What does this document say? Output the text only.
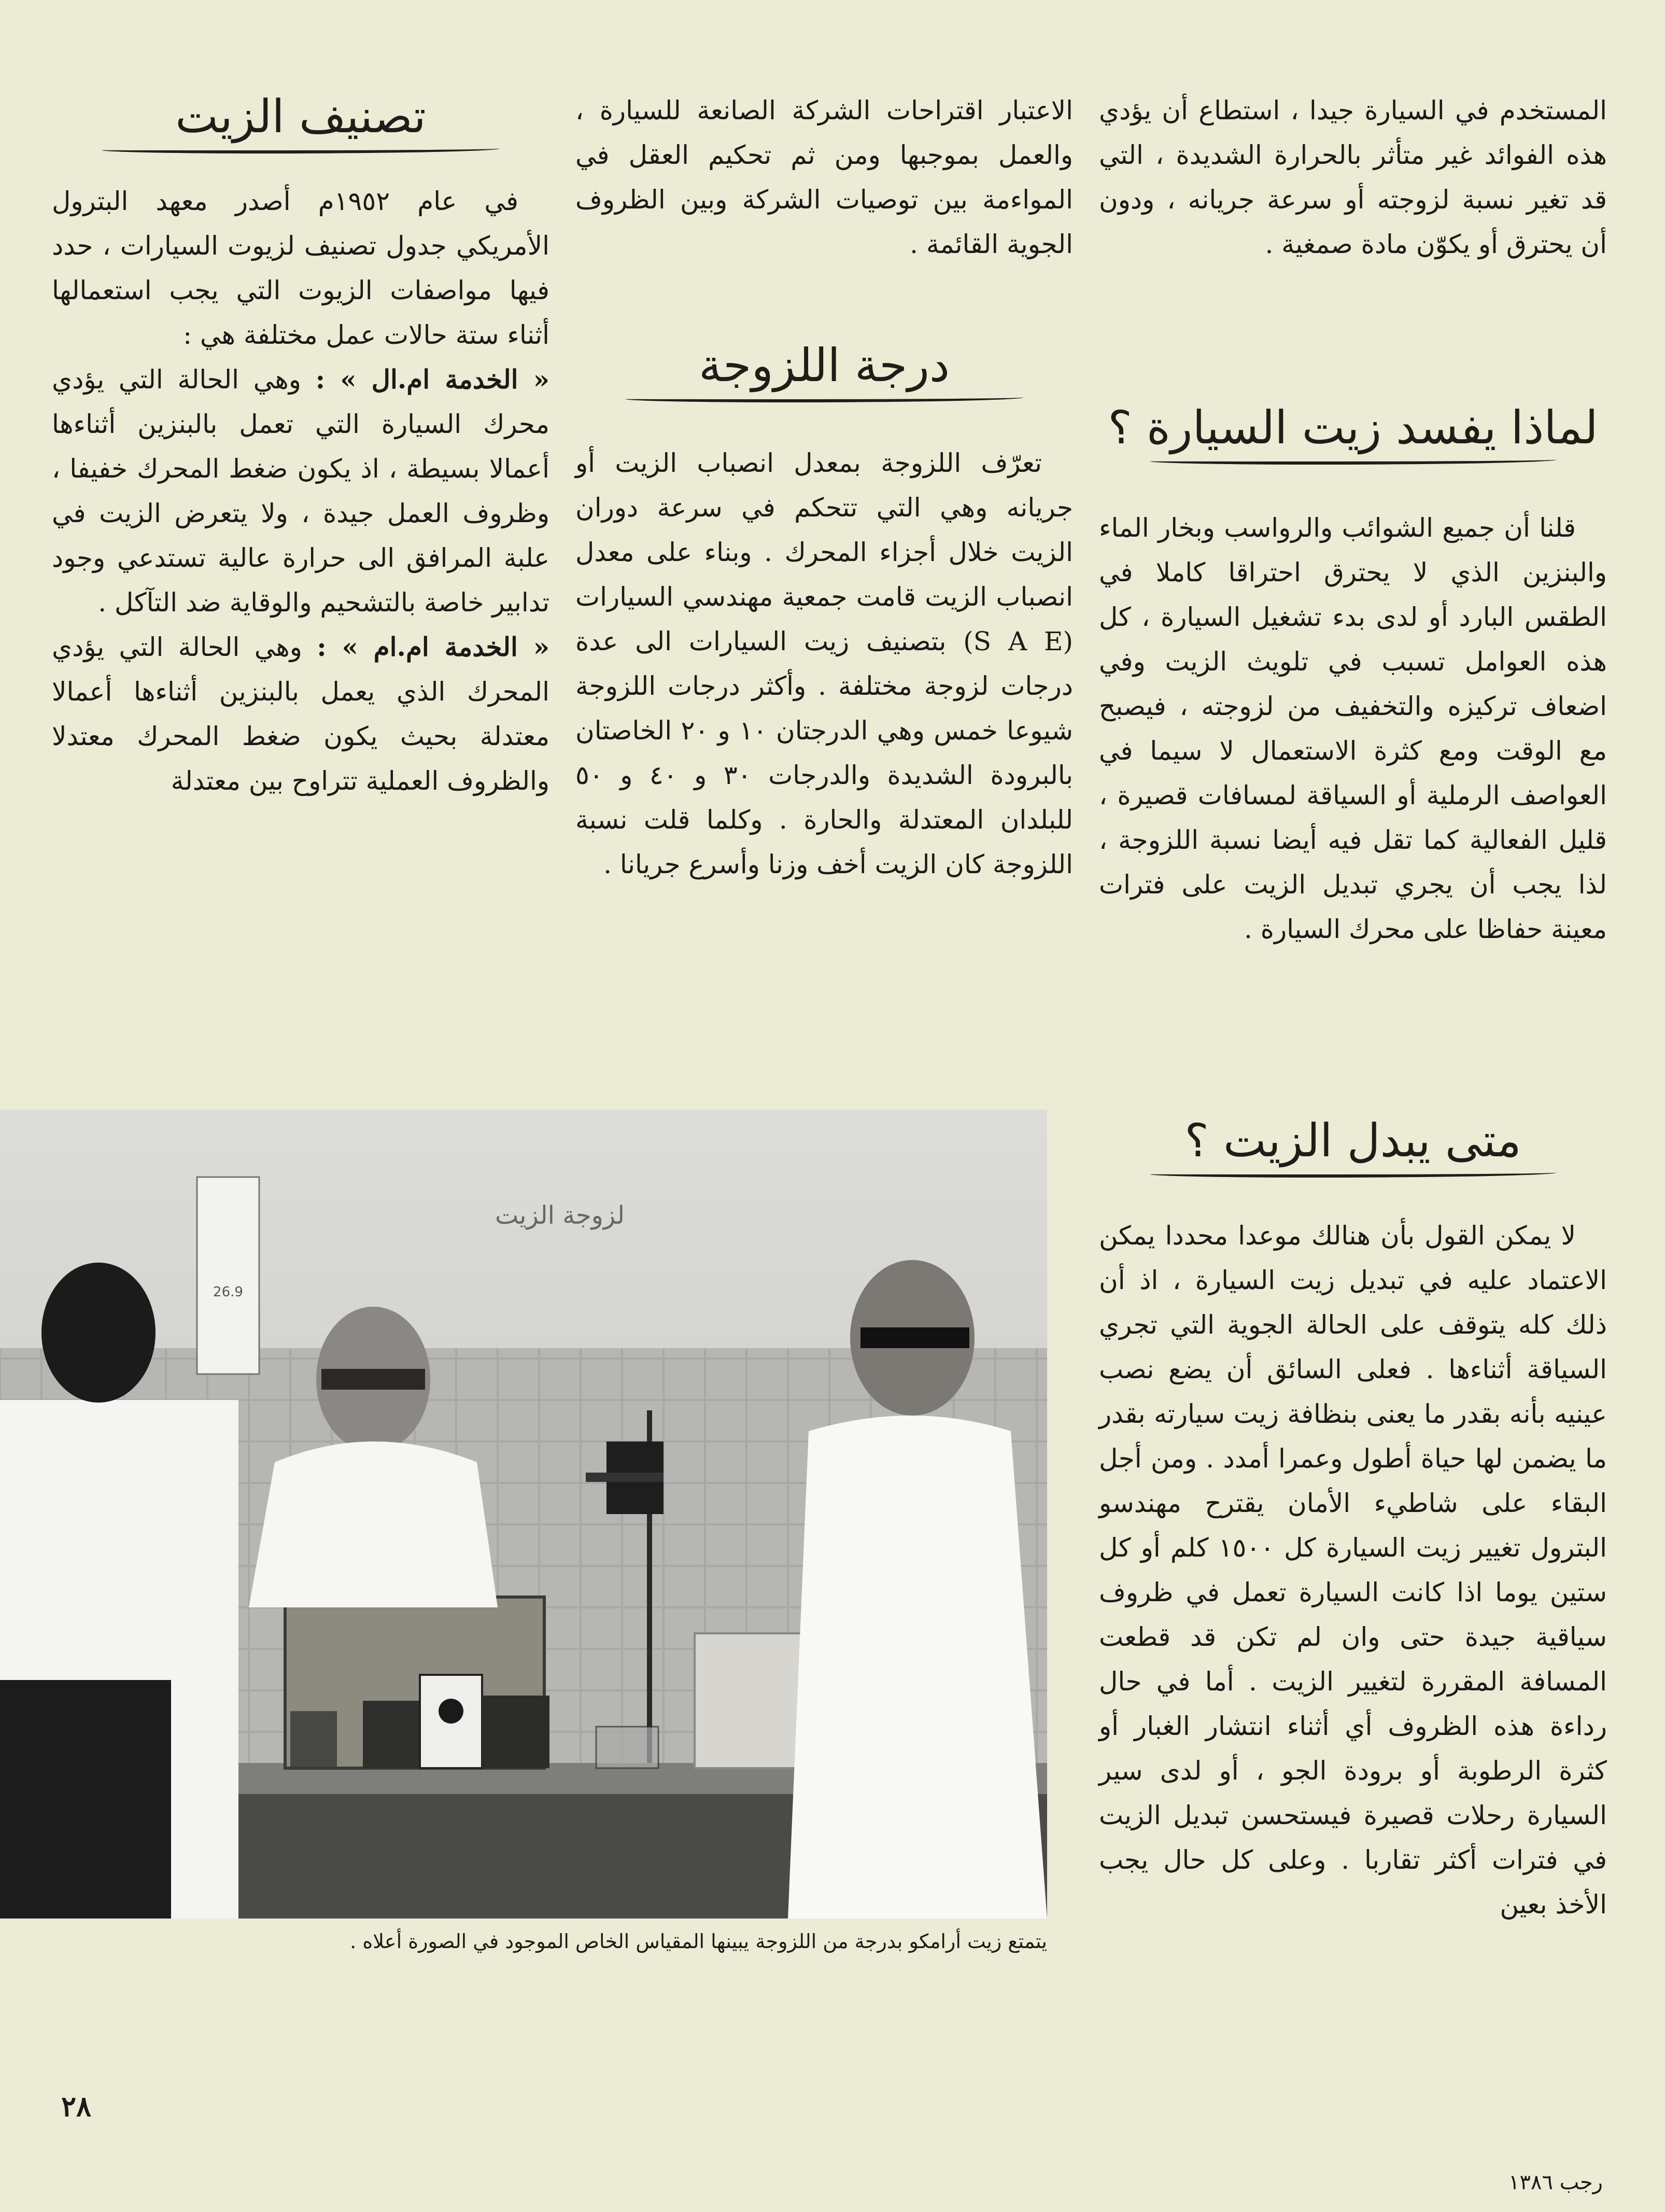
المستخدم في السيارة جيدا ، استطاع أن يؤدي هذه الفوائد غير متأثر بالحرارة الشديدة ، التي قد تغير نسبة لزوجته أو سرعة جريانه ، ودون أن يحترق أو يكوّن مادة صمغية .

لماذا يفسد زيت السيارة ؟

قلنا أن جميع الشوائب والرواسب وبخار الماء والبنزين الذي لا يحترق احتراقا كاملا في الطقس البارد أو لدى بدء تشغيل السيارة ، كل هذه العوامل تسبب في تلويث الزيت وفي اضعاف تركيزه والتخفيف من لزوجته ، فيصبح مع الوقت ومع كثرة الاستعمال لا سيما في العواصف الرملية أو السياقة لمسافات قصيرة ، قليل الفعالية كما تقل فيه أيضا نسبة اللزوجة ، لذا يجب أن يجري تبديل الزيت على فترات معينة حفاظا على محرك السيارة .

متى يبدل الزيت ؟

لا يمكن القول بأن هنالك موعدا محددا يمكن الاعتماد عليه في تبديل زيت السيارة ، اذ أن ذلك كله يتوقف على الحالة الجوية التي تجري السياقة أثناءها . فعلى السائق أن يضع نصب عينيه بأنه بقدر ما يعنى بنظافة زيت سيارته بقدر ما يضمن لها حياة أطول وعمرا أمدد . ومن أجل البقاء على شاطيء الأمان يقترح مهندسو البترول تغيير زيت السيارة كل ١٥٠٠ كلم أو كل ستين يوما اذا كانت السيارة تعمل في ظروف سياقية جيدة حتى وان لم تكن قد قطعت المسافة المقررة لتغيير الزيت . أما في حال رداءة هذه الظروف أي أثناء انتشار الغبار أو كثرة الرطوبة أو برودة الجو ، أو لدى سير السيارة رحلات قصيرة فيستحسن تبديل الزيت في فترات أكثر تقاربا . وعلى كل حال يجب الأخذ بعين

الاعتبار اقتراحات الشركة الصانعة للسيارة ، والعمل بموجبها ومن ثم تحكيم العقل في المواءمة بين توصيات الشركة وبين الظروف الجوية القائمة .

درجة اللزوجة

تعرّف اللزوجة بمعدل انصباب الزيت أو جريانه وهي التي تتحكم في سرعة دوران الزيت خلال أجزاء المحرك . وبناء على معدل انصباب الزيت قامت جمعية مهندسي السيارات (S A E) بتصنيف زيت السيارات الى عدة درجات لزوجة مختلفة . وأكثر درجات اللزوجة شيوعا خمس وهي الدرجتان ١٠ و ٢٠ الخاصتان بالبرودة الشديدة والدرجات ٣٠ و ٤٠ و ٥٠ للبلدان المعتدلة والحارة . وكلما قلت نسبة اللزوجة كان الزيت أخف وزنا وأسرع جريانا .

تصنيف الزيت

في عام ١٩٥٢م أصدر معهد البترول الأمريكي جدول تصنيف لزيوت السيارات ، حدد فيها مواصفات الزيوت التي يجب استعمالها أثناء ستة حالات عمل مختلفة هي :

« الخدمة ام.ال » : وهي الحالة التي يؤدي محرك السيارة التي تعمل بالبنزين أثناءها أعمالا بسيطة ، اذ يكون ضغط المحرك خفيفا ، وظروف العمل جيدة ، ولا يتعرض الزيت في علبة المرافق الى حرارة عالية تستدعي وجود تدابير خاصة بالتشحيم والوقاية ضد التآكل .

« الخدمة ام.ام » : وهي الحالة التي يؤدي المحرك الذي يعمل بالبنزين أثناءها أعمالا معتدلة بحيث يكون ضغط المحرك معتدلا والظروف العملية تتراوح بين معتدلة

26.9
لزوجة الزيت
يتمتع زيت أرامكو بدرجة من اللزوجة يبينها المقياس الخاص الموجود في الصورة أعلاه .
٢٨
رجب ١٣٨٦
